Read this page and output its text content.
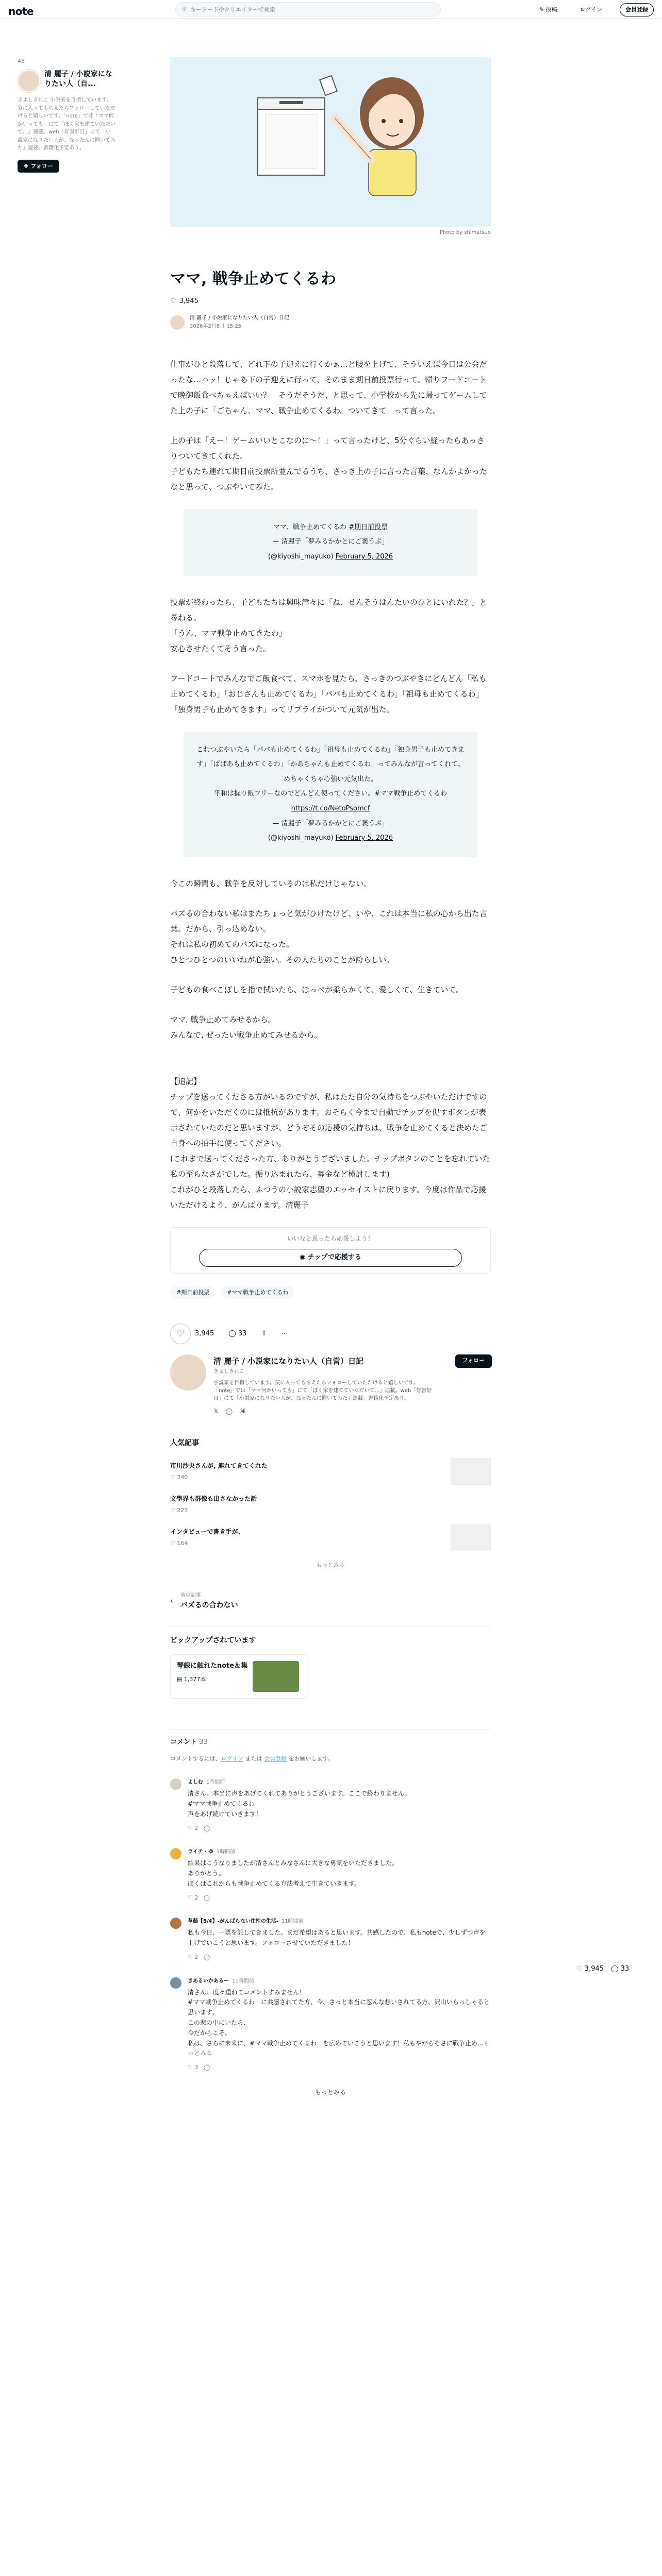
note	⚲
キーワードやクリエイターで検索	✎ 投稿	ログイン	会員登録
48
清 麗子 / 小説家になりたい人（自...
きよしきれこ 小説家を目指しています。気に入ってもらえたらフォローしていただけると嬉しいです。「note」では「ママ何かいっても」にて「ぼく家を建ていただいて…」連載。web「好書好日」にて「小説家になりたい人が、なったんに聞いてみた」連載。書籍化予定あり。
✚ フォロー
Photo by shimatsuo
ママ, 戦争止めてくるわ
♡ 3,945
清 麗子 / 小説家になりたい人（自営）日記
2026年2月8日 15:25

仕事がひと段落して、どれ下の子迎えに行くかぁ…と腰を上げて、そういえば今日は公会だったな…ハッ！じゃあ下の子迎えに行って、そのまま期日前投票行って、帰りフードコートで晩御飯食べちゃえばいい？　そうだそうだ、と思って、小学校から先に帰ってゲームしてた上の子に「ごちゃん、ママ、戦争止めてくるわ。ついてきて」って言った。

上の子は「えー！ゲームいいとこなのに～！」って言ったけど、5分ぐらい経ったらあっさりついてきてくれた。
子どもたち連れて期日前投票所並んでるうち、さっき上の子に言った言葉、なんかよかったなと思って、つぶやいてみた。

ママ、戦争止めてくるわ #期日前投票
— 清麗子「夢みるかかとにご褒うぶ」
(@kiyoshi_mayuko) February 5, 2026

投票が終わったら、子どもたちは興味津々に「ね、せんそうはんたいのひとにいれた？」と尋ねる。
「うん、ママ戦争止めてきたわ」
安心させたくてそう言った。

フードコートでみんなでご飯食べて、スマホを見たら、さっきのつぶやきにどんどん「私も止めてくるわ」「おじさんも止めてくるわ」「パパも止めてくるわ」「祖母も止めてくるわ」「独身男子も止めてきます」ってリプライがついて元気が出た。

これつぶやいたら「パパも止めてくるわ」「祖母も止めてくるわ」「独身男子も止めてきます」「ばばあも止めてくるわ」「かあちゃんも止めてくるわ」ってみんなが言ってくれて、めちゃくちゃ心強い元気出た。
平和は握り飯フリーなのでどんどん使ってください。#ママ戦争止めてくるわ https://t.co/NetoPsomcf
— 清麗子「夢みるかかとにご褒うぶ」
(@kiyoshi_mayuko) February 5, 2026

今この瞬間も、戦争を反対しているのは私だけじゃない。

バズるの合わない私はまたちょっと気がひけたけど、いや、これは本当に私の心から出た言葉。だから、引っ込めない。
それは私の初めてのバズになった。
ひとつひとつのいいねが心強い。その人たちのことが誇らしい。

子どもの食べこぼしを指で拭いたら、ほっぺが柔らかくて、愛しくて、生きていて。

ママ, 戦争止めてみせるから。
みんなで, ぜったい戦争止めてみせるから。

【追記】
チップを送ってくださる方がいるのですが、私はただ自分の気持ちをつぶやいただけですので、何かをいただくのには抵抗があります。おそらく今まで自動でチップを促すボタンが表示されていたのだと思いますが、どうぞその応援の気持ちは、戦争を止めてくると決めたご自身への拍手に使ってください。
(これまで送ってくださった方、ありがとうございました。チップボタンのことを忘れていた私の至らなさがでした。振り込まれたら、募金など検討します)
これがひと段落したら、ふつうの小説家志望のエッセイストに戻ります。今度は作品で応援いただけるよう、がんばります。清麗子

いいなと思ったら応援しよう！
◉ チップで応援する
#期日前投票	#ママ戦争止めてくるわ
♡	3,945 ◯ 33 ⇧ ⋯
清 麗子 / 小説家になりたい人（自営）日記	フォロー
きよしきれこ
小説家を目指しています。気に入ってもらえたらフォローしていただけると嬉しいです。「note」では「ママ何かいっても」にて「ぼく家を建てていただいて…」連載。web「好書好日」にて「小説家になりたい人が、なったんに聞いてみた」連載。書籍化予定あり。
𝕏 ◯ ⌘
人気記事
市川沙央さんが, 連れてきてくれた
♡ 240
文學界も群像も出さなかった話
♡ 223
インタビューで書き手が、
♡ 164
もっとみる
‹
前の記事
バズるの合わない
ピックアップされています
琴線に触れたnote＆集
▤ 1,377本
コメント 33
コメントするには、ログイン または 会員登録 をお願いします。
よしむ 1時間前
清さん、本当に声をあげてくれてありがとうございます。ここで終わりません。
#ママ戦争止めてくるわ
声をあげ続けていきます！
♡ 2   ◯
ライチ・ゆ 1時間前
結果はこうなりましたが清さんとみなさんに大きな勇気をいただきました。
ありがとう。
ぼくはこれからも戦争止めてくる方法考えて生きていきます。
♡ 2   ◯
草藤【5/4】-がんばらない住性の生活- 11時間前
私も今日、一票を託してきました。まだ希望はあると思います。共感したので、私もnoteで、少しずつ声を上げていこうと思います。フォローさせていただきました！
♡ 2   ◯
きあるいかあるー 11時間前
清さん、度々重ねてコメントすみません！
#ママ戦争止めてくるわ　に共感されてた方、今、さっと本当に忽んな想いされてる方、沢山いらっしゃると思います。
この悲の中にいたら、
今だからこそ、
私は、さらに未来に、#ママ戦争止めてくるわ　を広めていこうと思います！私もやがらそさに戦争止め...もっとみる
♡ 3   ◯
もっとみる
♡ 3,945 ◯ 33
